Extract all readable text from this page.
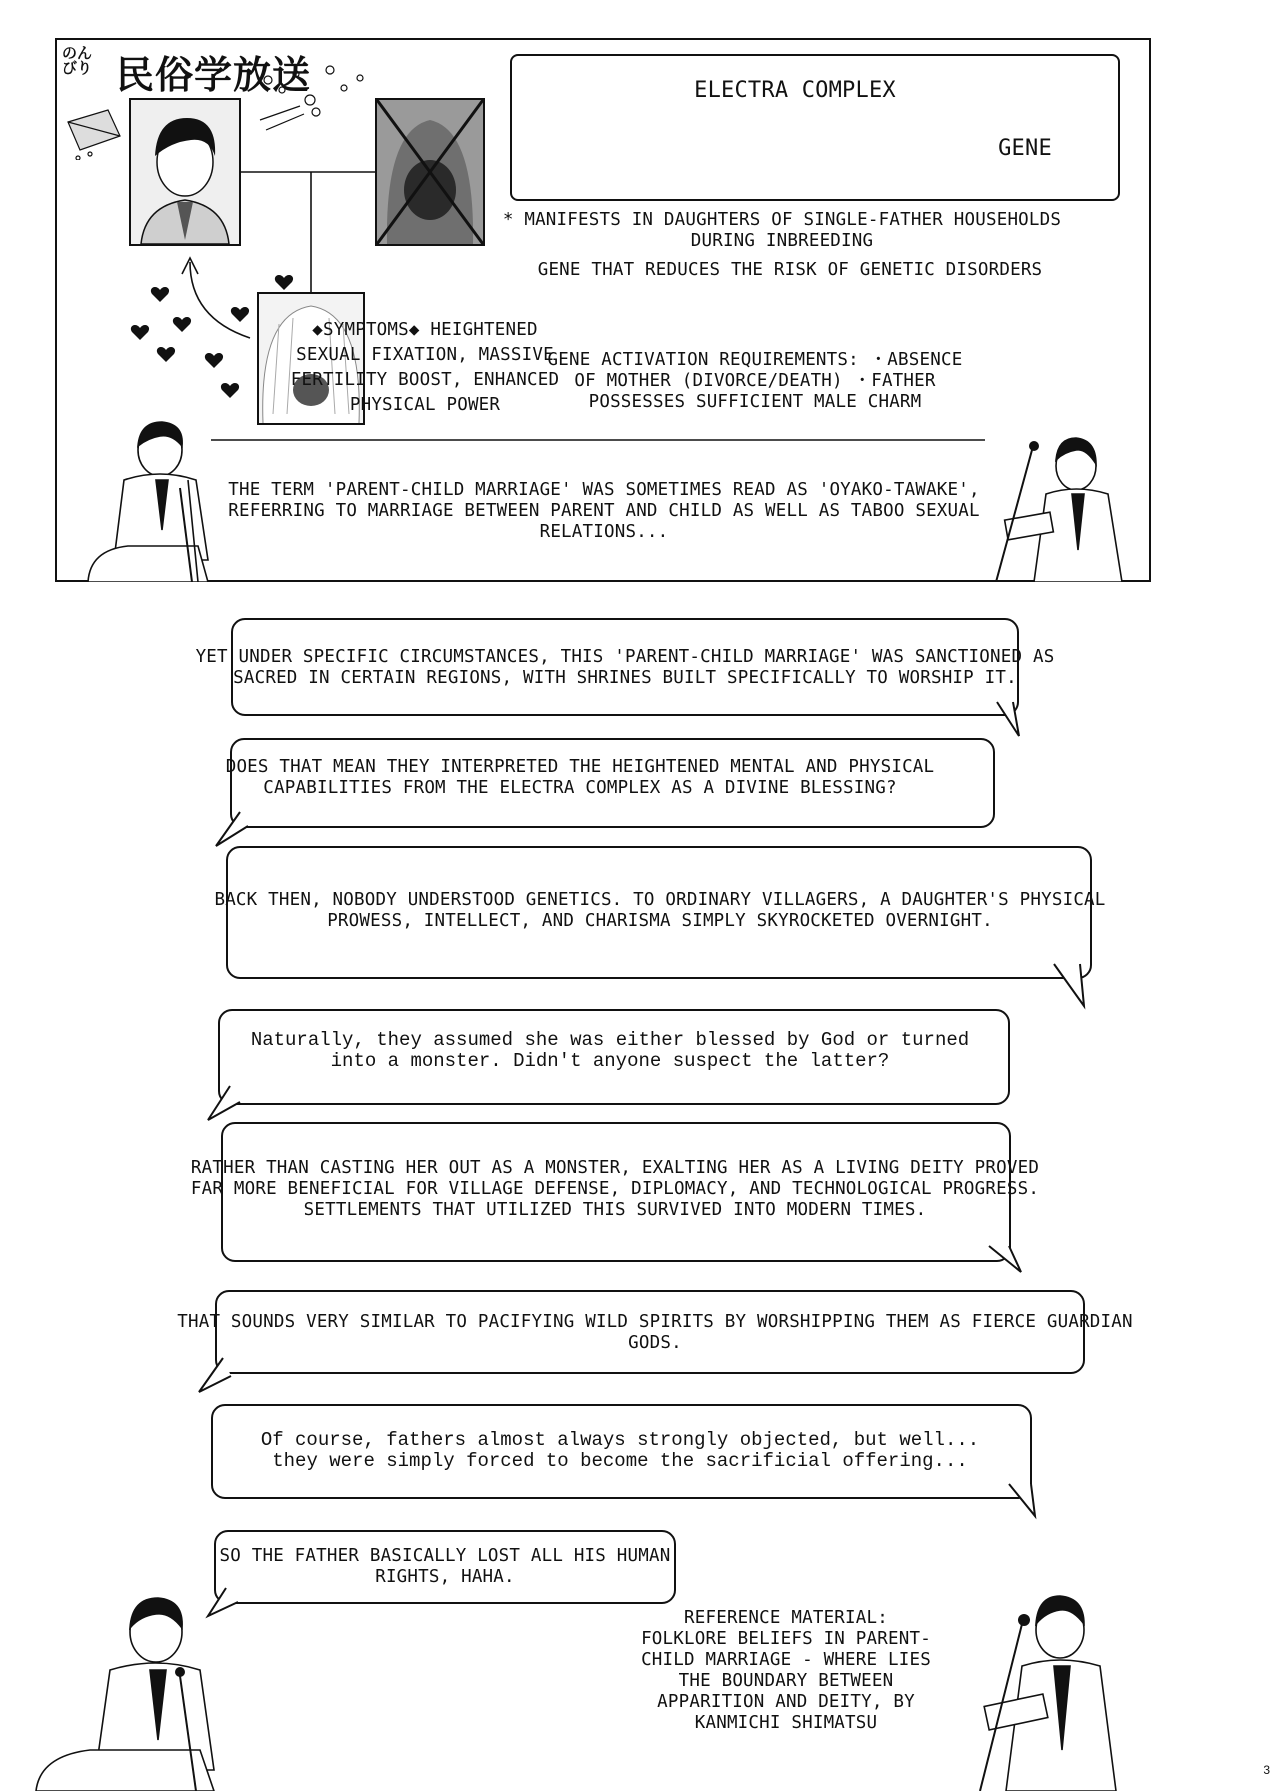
のんびり 民俗学放送	ELECTRA COMPLEX
GENE
* MANIFESTS IN DAUGHTERS OF SINGLE-FATHER HOUSEHOLDS DURING INBREEDING
GENE THAT REDUCES THE RISK OF GENETIC DISORDERS
◆SYMPTOMS◆ HEIGHTENED SEXUAL FIXATION, MASSIVE FERTILITY BOOST, ENHANCED PHYSICAL POWER
GENE ACTIVATION REQUIREMENTS: ・ABSENCE OF MOTHER (DIVORCE/DEATH) ・FATHER POSSESSES SUFFICIENT MALE CHARM
THE TERM 'PARENT-CHILD MARRIAGE' WAS SOMETIMES READ AS 'OYAKO-TAWAKE', REFERRING TO MARRIAGE BETWEEN PARENT AND CHILD AS WELL AS TABOO SEXUAL RELATIONS...
YET UNDER SPECIFIC CIRCUMSTANCES, THIS 'PARENT-CHILD MARRIAGE' WAS SANCTIONED AS SACRED IN CERTAIN REGIONS, WITH SHRINES BUILT SPECIFICALLY TO WORSHIP IT.
DOES THAT MEAN THEY INTERPRETED THE HEIGHTENED MENTAL AND PHYSICAL CAPABILITIES FROM THE ELECTRA COMPLEX AS A DIVINE BLESSING?
BACK THEN, NOBODY UNDERSTOOD GENETICS. TO ORDINARY VILLAGERS, A DAUGHTER'S PHYSICAL PROWESS, INTELLECT, AND CHARISMA SIMPLY SKYROCKETED OVERNIGHT.
Naturally, they assumed she was either blessed by God or turned into a monster. Didn't anyone suspect the latter?
RATHER THAN CASTING HER OUT AS A MONSTER, EXALTING HER AS A LIVING DEITY PROVED FAR MORE BENEFICIAL FOR VILLAGE DEFENSE, DIPLOMACY, AND TECHNOLOGICAL PROGRESS. SETTLEMENTS THAT UTILIZED THIS SURVIVED INTO MODERN TIMES.
THAT SOUNDS VERY SIMILAR TO PACIFYING WILD SPIRITS BY WORSHIPPING THEM AS FIERCE GUARDIAN GODS.
Of course, fathers almost always strongly objected, but well... they were simply forced to become the sacrificial offering...
SO THE FATHER BASICALLY LOST ALL HIS HUMAN RIGHTS, HAHA.
REFERENCE MATERIAL: FOLKLORE BELIEFS IN PARENT-CHILD MARRIAGE - WHERE LIES THE BOUNDARY BETWEEN APPARITION AND DEITY, BY KANMICHI SHIMATSU
3
